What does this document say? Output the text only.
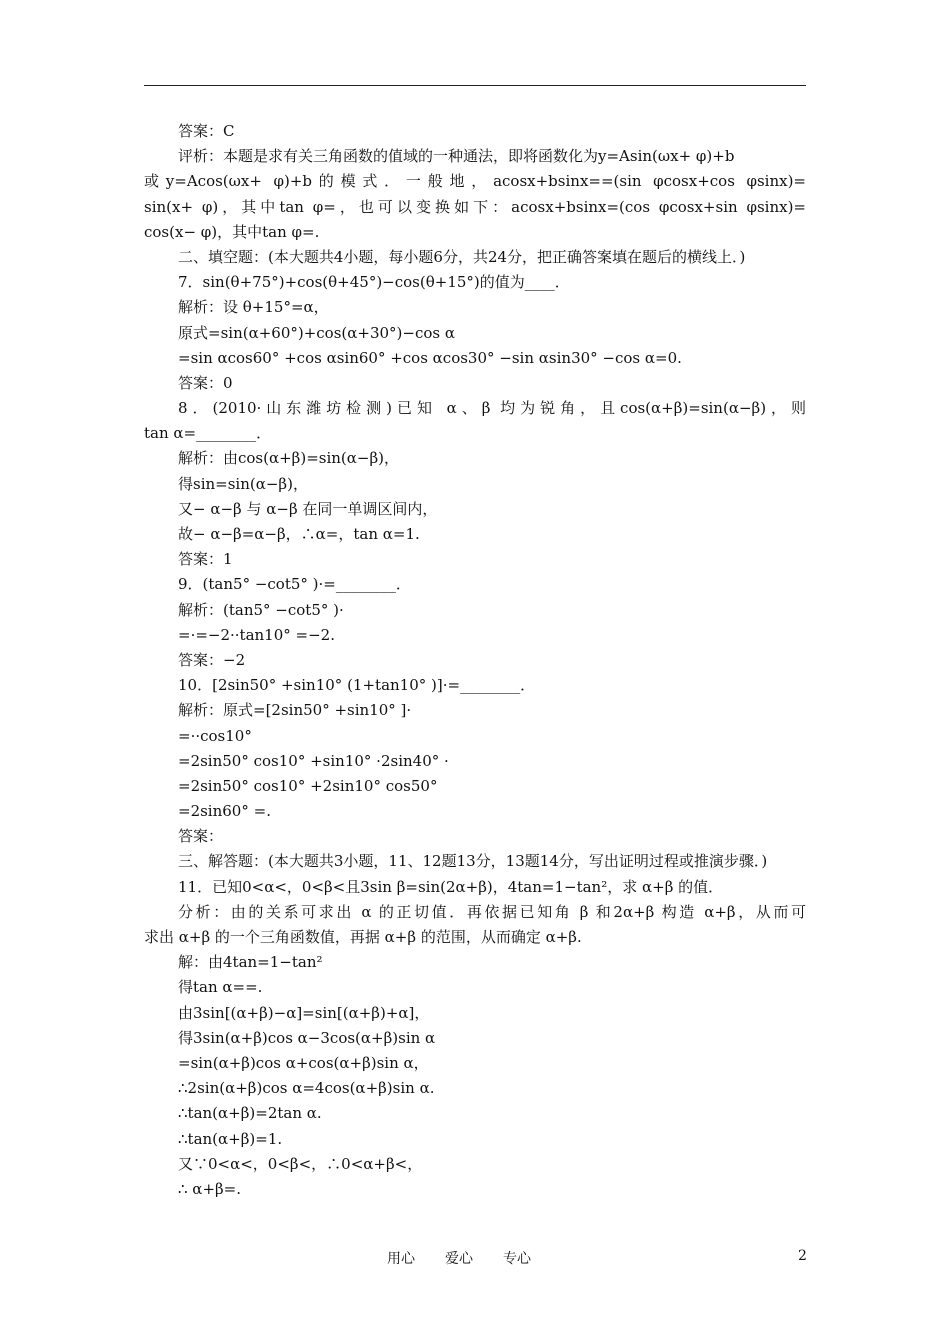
答案：C
评析：本题是求有关三角函数的值域的一种通法，即将函数化为y=Asin(ωx+ φ)+b
或y=Acos(ωx+ φ)+b的模式．一般地，acosx+bsinx==(sin φcosx+cos φsinx)=
sin(x+ φ)，其中tan φ=，也可以变换如下：acosx+bsinx=(cos φcosx+sin φsinx)=
cos(x− φ)，其中tan φ=.
二、填空题：(本大题共4小题，每小题6分，共24分，把正确答案填在题后的横线上．)
7．sin(θ+75°)+cos(θ+45°)−cos(θ+15°)的值为____．
解析：设 θ+15°=α，
原式=sin(α+60°)+cos(α+30°)−cos α
=sin αcos60° +cos αsin60° +cos αcos30° −sin αsin30° −cos α=0.
答案：0
8．(2010·山东潍坊检测)已知 α、β 均为锐角，且cos(α+β)=sin(α−β)，则
tan α=________．
解析：由cos(α+β)=sin(α−β)，
得sin=sin(α−β)，
又− α−β 与 α−β 在同一单调区间内，
故− α−β=α−β，∴α=，tan α=1.
答案：1
9．(tan5° −cot5° )·=________．
解析：(tan5° −cot5° )·
=·=−2··tan10° =−2.
答案：−2
10．[2sin50° +sin10° (1+tan10° )]·=________．
解析：原式=[2sin50° +sin10° ]·
=··cos10°
=2sin50° cos10° +sin10° ·2sin40° ·
=2sin50° cos10° +2sin10° cos50°
=2sin60° =.
答案：
三、解答题：(本大题共3小题，11、12题13分，13题14分，写出证明过程或推演步骤．)
11．已知0<α<，0<β<且3sin β=sin(2α+β)，4tan=1−tan²，求 α+β 的值．
分析：由的关系可求出 α 的正切值．再依据已知角 β 和2α+β 构造 α+β，从而可
求出 α+β 的一个三角函数值，再据 α+β 的范围，从而确定 α+β.
解：由4tan=1−tan²
得tan α==.
由3sin[(α+β)−α]=sin[(α+β)+α]，
得3sin(α+β)cos α−3cos(α+β)sin α
=sin(α+β)cos α+cos(α+β)sin α，
∴2sin(α+β)cos α=4cos(α+β)sin α.
∴tan(α+β)=2tan α.
∴tan(α+β)=1.
又∵0<α<，0<β<，∴0<α+β<，
∴ α+β=.
用心 爱心 专心	2
